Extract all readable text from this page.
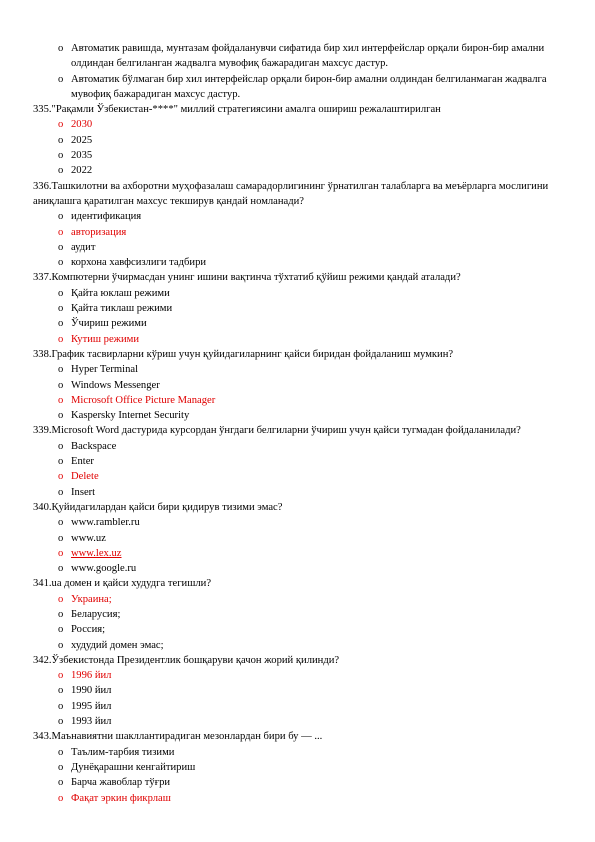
o Автоматик равишда, мунтазам фойдаланувчи сифатида бир хил интерфейслар орқали бирон-бир амални олдиндан белгиланган жадвалга мувофиқ бажарадиган махсус дастур.
o Автоматик бўлмаган бир хил интерфейслар орқали бирон-бир амални олдиндан белгиланмаган жадвалга мувофиқ бажарадиган махсус дастур.
335."Рақамли Ўзбекистан-****" миллий стратегиясини амалга ошириш режалаштирилган
o 2030
o 2025
o 2035
o 2022
336.Ташкилотни ва ахборотни муҳофазалаш самарадорлигининг ўрнатилган талабларга ва меъёрларга мослигини аниқлашга қаратилган махсус текширув қандай номланади?
o идентификация
o авторизация
o аудит
o корхона хавфсизлиги тадбири
337.Компютерни ўчирмасдан унинг ишини вақтинча тўхтатиб қўйиш режими қандай аталади?
o Қайта юклаш режими
o Қайта тиклаш режими
o Ўчириш режими
o Кутиш режими
338.График тасвирларни кўриш учун қуйидагиларнинг қайси биридан фойдаланиш мумкин?
o Hyper Terminal
o Windows Messenger
o Microsoft Office Picture Manager
o Kaspersky Internet Security
339.Microsoft Word дастурида курсордан ўнгдаги белгиларни ўчириш учун қайси тугмадан фойдаланилади?
o Backspace
o Enter
o Delete
o Insert
340.Қуйидагилардан қайси бири қидирув тизими эмас?
o www.rambler.ru
o www.uz
o www.lex.uz
o www.google.ru
341.ua домен и қайси худудга тегишли?
o Украина;
o Беларусия;
o Россия;
o худудий домен эмас;
342.Ўзбекистонда Президентлик бошқаруви қачон жорий қилинди?
o 1996 йил
o 1990 йил
o 1995 йил
o 1993 йил
343.Маънавиятни шакллантирадиган мезонлардан бири бу — ...
o Таълим-тарбия тизими
o Дунёқарашни кенгайтириш
o Барча жавоблар тўғри
o Фақат эркин фикрлаш
